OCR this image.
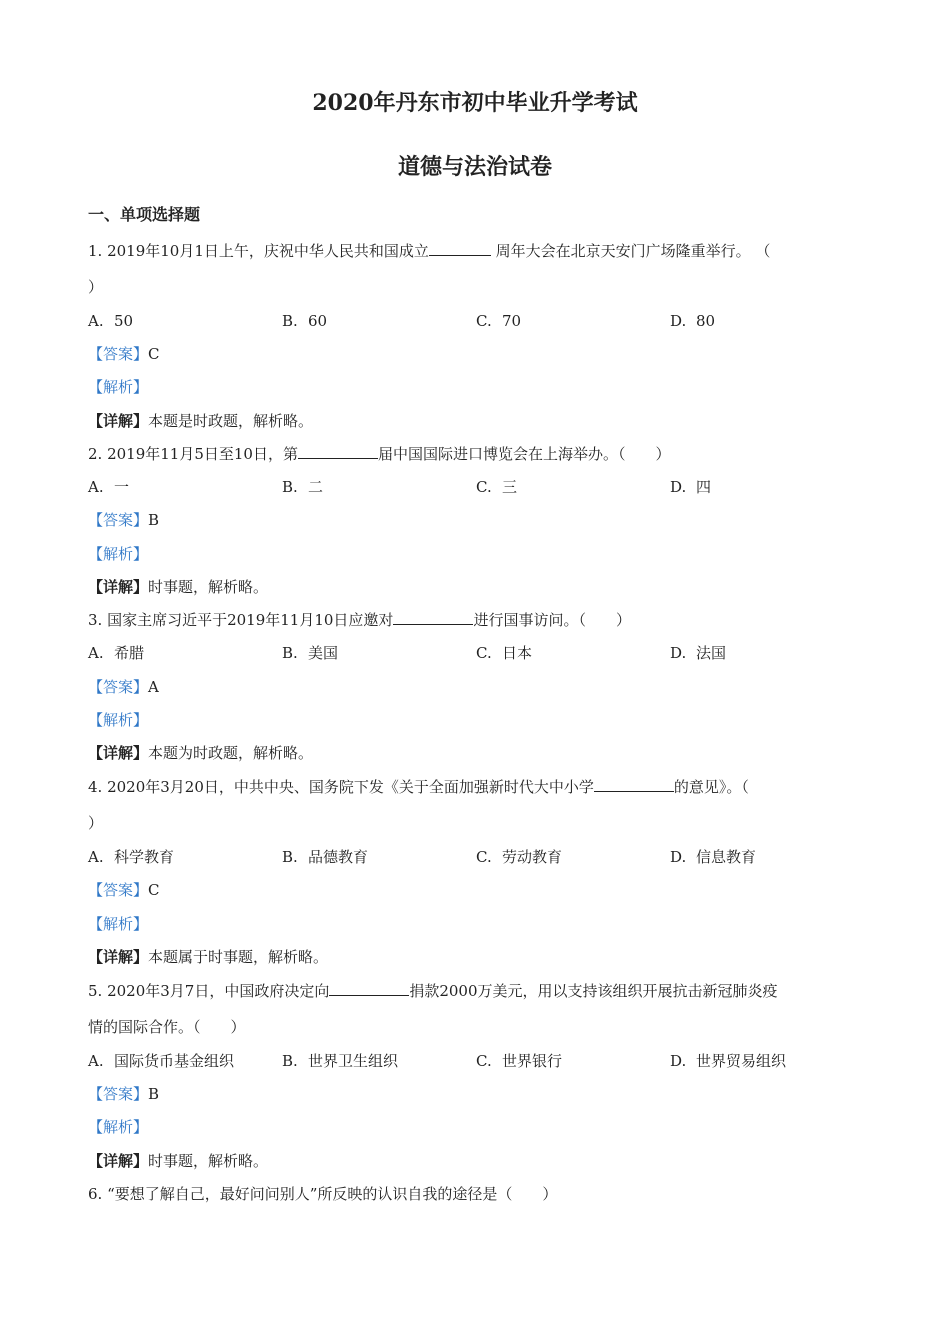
2020年丹东市初中毕业升学考试
道德与法治试卷
一、单项选择题
1. 2019年10月1日上午，庆祝中华人民共和国成立	周年大会在北京天安门广场隆重举行。 （
）
A. 50	B. 60	C. 70	D. 80
【答案】C
【解析】
【详解】本题是时政题，解析略。
2. 2019年11月5日至10日，第	届中国国际进口博览会在上海举办。（　　）
A. 一	B. 二	C. 三	D. 四
【答案】B
【解析】
【详解】时事题，解析略。
3. 国家主席习近平于2019年11月10日应邀对	进行国事访问。（　　）
A. 希腊	B. 美国	C. 日本	D. 法国
【答案】A
【解析】
【详解】本题为时政题，解析略。
4. 2020年3月20日，中共中央、国务院下发《关于全面加强新时代大中小学	的意见》。（
）
A. 科学教育	B. 品德教育	C. 劳动教育	D. 信息教育
【答案】C
【解析】
【详解】本题属于时事题，解析略。
5. 2020年3月7日，中国政府决定向	捐款2000万美元，用以支持该组织开展抗击新冠肺炎疫
情的国际合作。（　　）
A. 国际货币基金组织	B. 世界卫生组织	C. 世界银行	D. 世界贸易组织
【答案】B
【解析】
【详解】时事题，解析略。
6. “要想了解自己，最好问问别人”所反映的认识自我的途径是（　　）
